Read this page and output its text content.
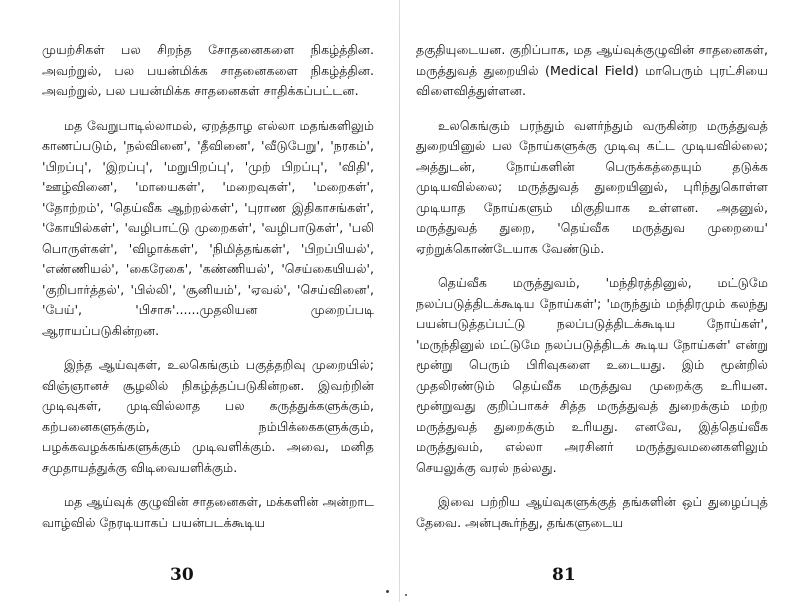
முயற்சிகள் பல சிறந்த சோதனைகளை நிகழ்த்தின. அவற்றுல், பல பயன்மிக்க சாதனைகளை நிகழ்த்தின. அவற்றுல், பல பயன்மிக்க சாதனைகள் சாதிக்கப்பட்டன.

மத வேறுபாடில்லாமல், ஏறத்தாழ எல்லா மதங்களிலும் காணப்படும், 'நல்வினை', 'தீவினை', 'வீடுபேறு', 'நரகம்', 'பிறப்பு', 'இறப்பு', 'மறுபிறப்பு', 'முற் பிறப்பு', 'விதி', 'ஊழ்வினை', 'மாயைகள்', 'மறைவுகள்', 'மறைகள்', 'தோற்றம்', 'தெய்வீக ஆற்றல்கள்', 'புராண இதிகாசங்கள்', 'கோயில்கள்', 'வழிபாட்டு முறைகள்', 'வழிபாடுகள்', 'பலி பொருள்கள்', 'விழாக்கள்', 'நிமித்தங்கள்', 'பிறப்பியல்', 'எண்ணியல்', 'கைரேகை', 'கண்ணியல்', 'செய்கையியல்', 'குறிபார்த்தல்', 'பில்லி', 'சூனியம்', 'ஏவல்', 'செய்வினை', 'பேய்', 'பிசாசு'......முதலியன முறைப்படி ஆராயப்படுகின்றன.

இந்த ஆய்வுகள், உலகெங்கும் பகுத்தறிவு முறையில்; விஞ்ஞானச் சூழலில் நிகழ்த்தப்படுகின்றன. இவற்றின் முடிவுகள், முடிவில்லாத பல கருத்துக்களுக்கும், கற்பனைகளுக்கும், நம்பிக்கைகளுக்கும், பழக்கவழக்கங்களுக்கும் முடிவளிக்கும். அவை, மனித சமுதாயத்துக்கு விடிவையளிக்கும்.

மத ஆய்வுக் குழுவின் சாதனைகள், மக்களின் அன்றாட வாழ்வில் நேரடியாகப் பயன்படக்கூடிய

30

தகுதியுடையன. குறிப்பாக, மத ஆய்வுக்குழுவின் சாதனைகள், மருத்துவத் துறையில் (Medical Field) மாபெரும் புரட்சியை விளைவித்துள்ளன.

உலகெங்கும் பரந்தும் வளர்ந்தும் வருகின்ற மருத்துவத் துறையினுல் பல நோய்களுக்கு முடிவு கட்ட முடியவில்லை; அத்துடன், நோய்களின் பெருக்கத்தையும் தடுக்க முடியவில்லை; மருத்துவத் துறையினுல், புரிந்துகொள்ள முடியாத நோய்களும் மிகுதியாக உள்ளன. அதனுல், மருத்துவத் துறை, 'தெய்வீக மருத்துவ முறையை' ஏற்றுக்கொண்டேயாக வேண்டும்.

தெய்வீக மருத்துவம், 'மந்திரத்தினுல், மட்டுமே நலப்படுத்திடக்கூடிய நோய்கள்'; 'மருந்தும் மந்திரமும் கலந்து பயன்படுத்தப்பட்டு நலப்படுத்திடக்கூடிய நோய்கள்', 'மருந்தினுல் மட்டுமே நலப்படுத்திடக் கூடிய நோய்கள்' என்று மூன்று பெரும் பிரிவுகளை உடையது. இம் மூன்றில் முதலிரண்டும் தெய்வீக மருத்துவ முறைக்கு உரியன. மூன்றுவது குறிப்பாகச் சித்த மருத்துவத் துறைக்கும் மற்ற மருத்துவத் துறைக்கும் உரியது. எனவே, இத்தெய்வீக மருத்துவம், எல்லா அரசினர் மருத்துவமனைகளிலும் செயலுக்கு வரல் நல்லது.

இவை பற்றிய ஆய்வுகளுக்குத் தங்களின் ஒப் துழைப்புத் தேவை. அன்புகூர்ந்து, தங்களுடைய

81
